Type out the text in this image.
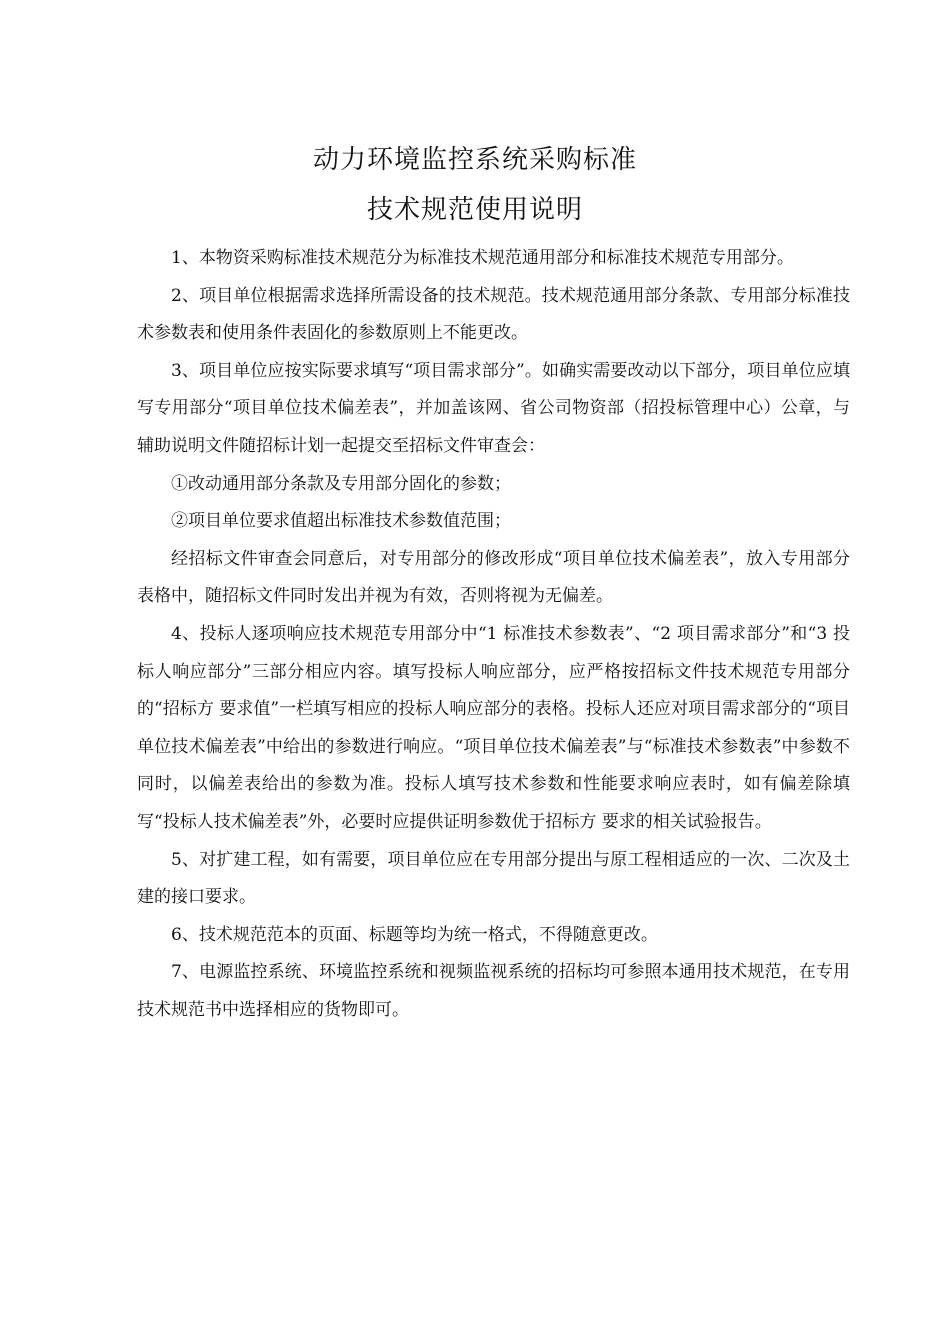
动力环境监控系统采购标准
技术规范使用说明

1、本物资采购标准技术规范分为标准技术规范通用部分和标准技术规范专用部分。

2、项目单位根据需求选择所需设备的技术规范。技术规范通用部分条款、专用部分标准技术参数表和使用条件表固化的参数原则上不能更改。

3、项目单位应按实际要求填写“项目需求部分”。如确实需要改动以下部分，项目单位应填写专用部分“项目单位技术偏差表”，并加盖该网、省公司物资部（招投标管理中心）公章，与辅助说明文件随招标计划一起提交至招标文件审查会：

①改动通用部分条款及专用部分固化的参数；

②项目单位要求值超出标准技术参数值范围；

经招标文件审查会同意后，对专用部分的修改形成“项目单位技术偏差表”，放入专用部分表格中，随招标文件同时发出并视为有效，否则将视为无偏差。

4、投标人逐项响应技术规范专用部分中“1 标准技术参数表”、“2 项目需求部分”和“3 投标人响应部分”三部分相应内容。填写投标人响应部分，应严格按招标文件技术规范专用部分的“招标方 要求值”一栏填写相应的投标人响应部分的表格。投标人还应对项目需求部分的“项目单位技术偏差表”中给出的参数进行响应。“项目单位技术偏差表”与“标准技术参数表”中参数不同时，以偏差表给出的参数为准。投标人填写技术参数和性能要求响应表时，如有偏差除填写“投标人技术偏差表”外，必要时应提供证明参数优于招标方 要求的相关试验报告。

5、对扩建工程，如有需要，项目单位应在专用部分提出与原工程相适应的一次、二次及土建的接口要求。

6、技术规范范本的页面、标题等均为统一格式，不得随意更改。

7、电源监控系统、环境监控系统和视频监视系统的招标均可参照本通用技术规范，在专用技术规范书中选择相应的货物即可。
